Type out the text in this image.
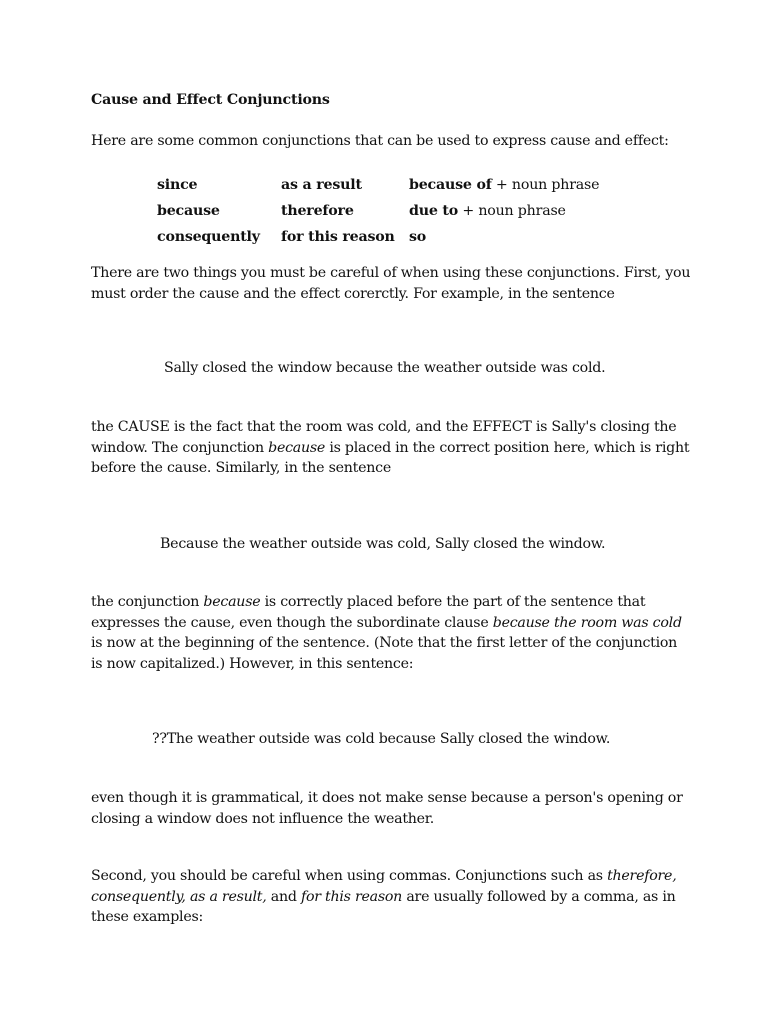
Cause and Effect Conjunctions
Here are some common conjunctions that can be used to express cause and effect:
since	as a result	because of + noun phrase
because	therefore	due to + noun phrase
consequently	for this reason	so
There are two things you must be careful of when using these conjunctions. First, you must order the cause and the effect corerctly. For example, in the sentence
Sally closed the window because the weather outside was cold.
the CAUSE is the fact that the room was cold, and the EFFECT is Sally's closing the window. The conjunction because is placed in the correct position here, which is right before the cause. Similarly, in the sentence
Because the weather outside was cold, Sally closed the window.
the conjunction because is correctly placed before the part of the sentence that expresses the cause, even though the subordinate clause because the room was cold is now at the beginning of the sentence. (Note that the first letter of the conjunction is now capitalized.) However, in this sentence:
??The weather outside was cold because Sally closed the window.
even though it is grammatical, it does not make sense because a person's opening or closing a window does not influence the weather.
Second, you should be careful when using commas. Conjunctions such as therefore, consequently, as a result, and for this reason are usually followed by a comma, as in these examples:
